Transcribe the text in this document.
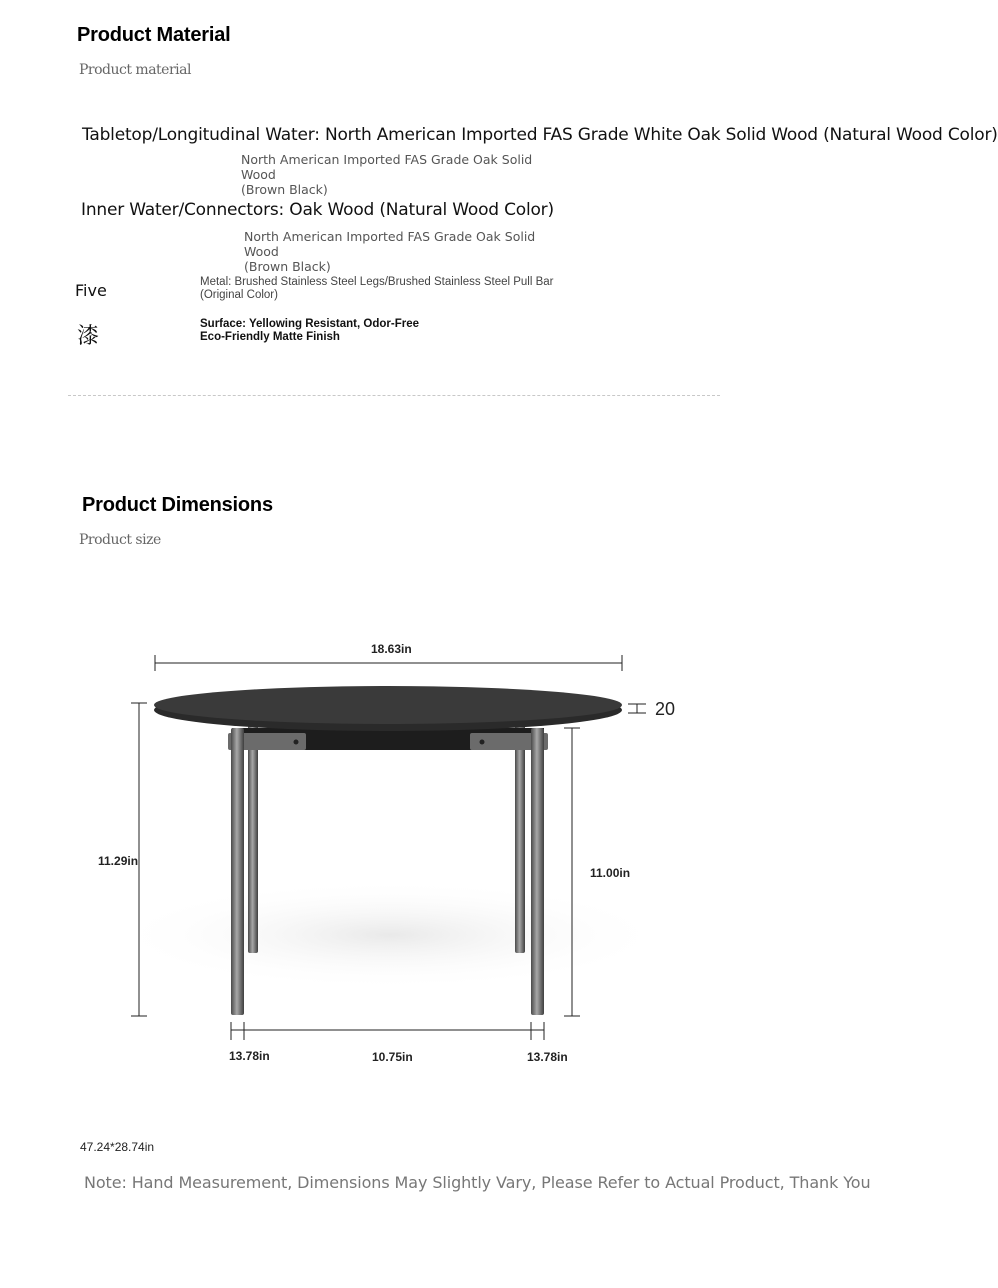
Product Material
Product material
Tabletop/Longitudinal Water: North American Imported FAS Grade White Oak Solid Wood (Natural Wood Color)
North American Imported FAS Grade Oak Solid Wood
(Brown Black)
Inner Water/Connectors: Oak Wood (Natural Wood Color)
North American Imported FAS Grade Oak Solid Wood
(Brown Black)
Five	Metal: Brushed Stainless Steel Legs/Brushed Stainless Steel Pull Bar
(Original Color)
漆	Surface: Yellowing Resistant, Odor-Free
Eco-Friendly Matte Finish
Product Dimensions
Product size
18.63in
20
11.29in
11.00in
13.78in	10.75in	13.78in
47.24*28.74in
Note: Hand Measurement, Dimensions May Slightly Vary, Please Refer to Actual Product, Thank You
